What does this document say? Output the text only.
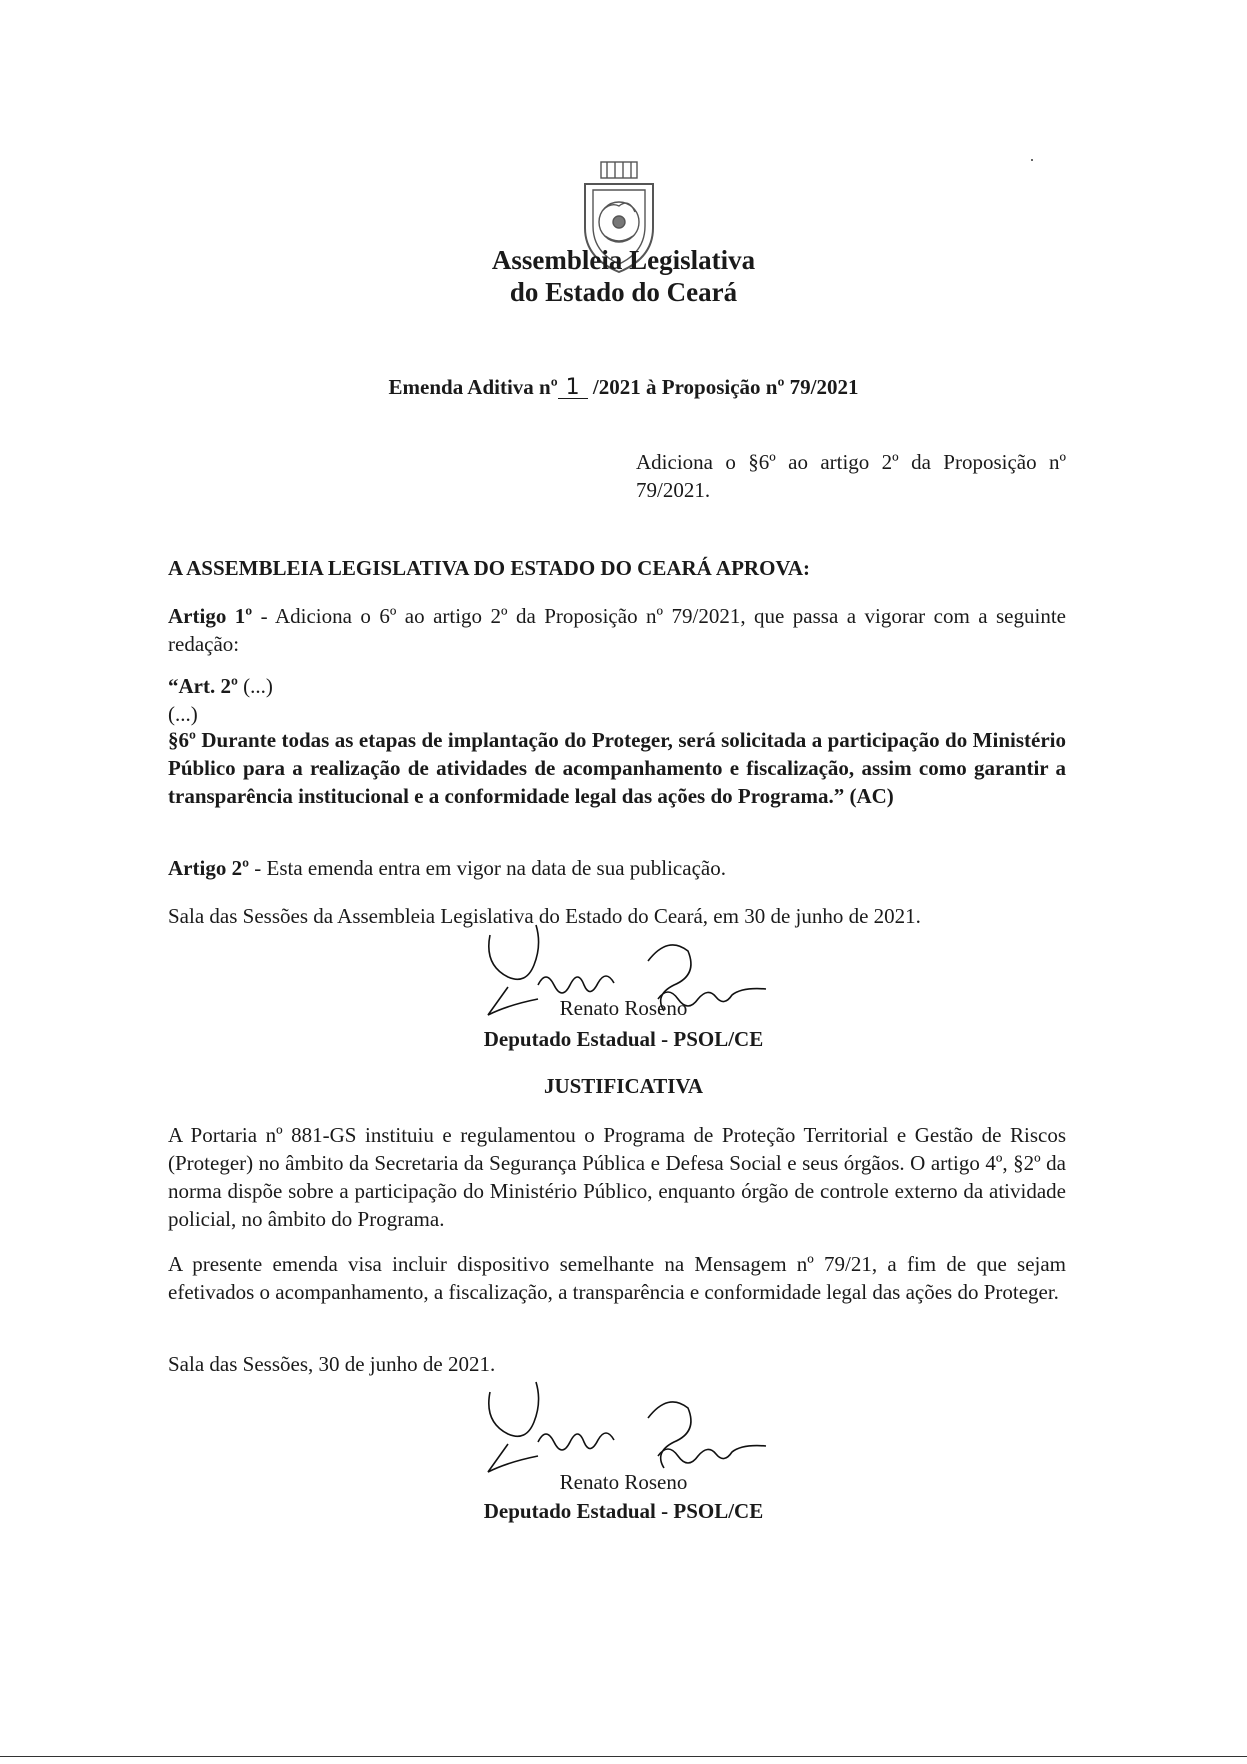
Assembleia Legislativa
do Estado do Ceará
Emenda Aditiva nº 1 /2021 à Proposição nº 79/2021
Adiciona o §6º ao artigo 2º da Proposição nº 79/2021.
A ASSEMBLEIA LEGISLATIVA DO ESTADO DO CEARÁ APROVA:
Artigo 1º - Adiciona o 6º ao artigo 2º da Proposição nº 79/2021, que passa a vigorar com a seguinte redação:
“Art. 2º (...)
(...)
§6º Durante todas as etapas de implantação do Proteger, será solicitada a participação do Ministério Público para a realização de atividades de acompanhamento e fiscalização, assim como garantir a transparência institucional e a conformidade legal das ações do Programa.” (AC)
Artigo 2º - Esta emenda entra em vigor na data de sua publicação.
Sala das Sessões da Assembleia Legislativa do Estado do Ceará, em 30 de junho de 2021.
Renato Roseno
Deputado Estadual - PSOL/CE
JUSTIFICATIVA
A Portaria nº 881-GS instituiu e regulamentou o Programa de Proteção Territorial e Gestão de Riscos (Proteger) no âmbito da Secretaria da Segurança Pública e Defesa Social e seus órgãos. O artigo 4º, §2º da norma dispõe sobre a participação do Ministério Público, enquanto órgão de controle externo da atividade policial, no âmbito do Programa.
A presente emenda visa incluir dispositivo semelhante na Mensagem nº 79/21, a fim de que sejam efetivados o acompanhamento, a fiscalização, a transparência e conformidade legal das ações do Proteger.
Sala das Sessões, 30 de junho de 2021.
Renato Roseno
Deputado Estadual - PSOL/CE
